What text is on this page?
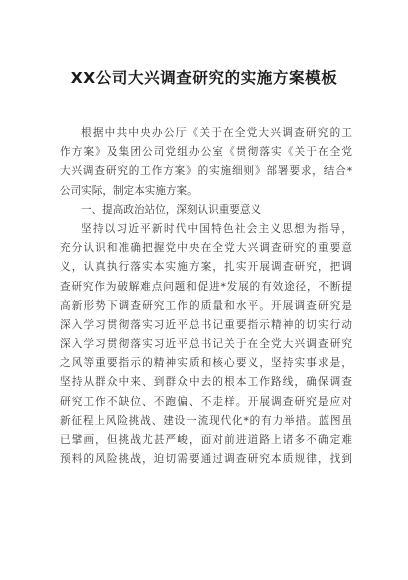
XX公司大兴调查研究的实施方案模板
根据中共中央办公厅《关于在全党大兴调查研究的工
作方案》及集团公司党组办公室《贯彻落实《关于在全党
大兴调查研究的工作方案》的实施细则》部署要求，结合*
公司实际，制定本实施方案。
一、提高政治站位，深刻认识重要意义
坚持以习近平新时代中国特色社会主义思想为指导，
充分认识和准确把握党中央在全党大兴调查研究的重要意
义，认真执行落实本实施方案，扎实开展调查研究，把调
查研究作为破解难点问题和促进*发展的有效途径，不断提
高新形势下调查研究工作的质量和水平。开展调查研究是
深入学习贯彻落实习近平总书记重要指示精神的切实行动
深入学习贯彻落实习近平总书记关于在全党大兴调查研究
之风等重要指示的精神实质和核心要义，坚持实事求是，
坚持从群众中来、到群众中去的根本工作路线，确保调查
研究工作不缺位、不跑偏、不走样。开展调查研究是应对
新征程上风险挑战、建设一流现代化*的有力举措。蓝图虽
已擘画，但挑战尤甚严峻，面对前进道路上诸多不确定难
预料的风险挑战，迫切需要通过调查研究本质规律，找到
